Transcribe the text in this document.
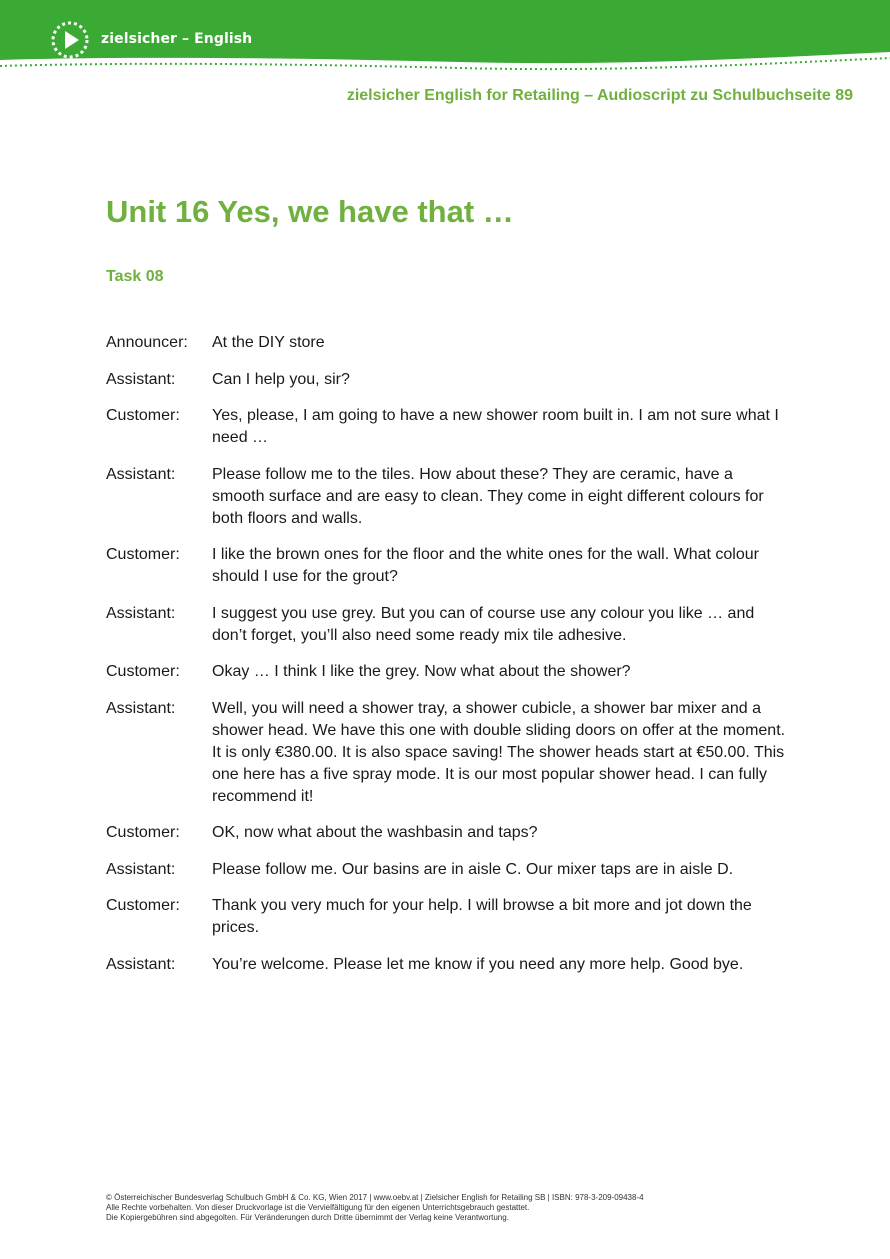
zielsicher – English
zielsicher English for Retailing – Audioscript zu Schulbuchseite 89
Unit 16 Yes, we have that …
Task 08
Announcer:	At the DIY store
Assistant:	Can I help you, sir?
Customer:	Yes, please, I am going to have a new shower room built in. I am not sure what I need …
Assistant:	Please follow me to the tiles. How about these? They are ceramic, have a smooth surface and are easy to clean. They come in eight different colours for both floors and walls.
Customer:	I like the brown ones for the floor and the white ones for the wall. What colour should I use for the grout?
Assistant:	I suggest you use grey. But you can of course use any colour you like … and don’t forget, you’ll also need some ready mix tile adhesive.
Customer:	Okay … I think I like the grey. Now what about the shower?
Assistant:	Well, you will need a shower tray, a shower cubicle, a shower bar mixer and a shower head. We have this one with double sliding doors on offer at the moment. It is only €380.00. It is also space saving! The shower heads start at €50.00. This one here has a five spray mode. It is our most popular shower head. I can fully recommend it!
Customer:	OK, now what about the washbasin and taps?
Assistant:	Please follow me. Our basins are in aisle C. Our mixer taps are in aisle D.
Customer:	Thank you very much for your help. I will browse a bit more and jot down the prices.
Assistant:	You’re welcome. Please let me know if you need any more help. Good bye.
© Österreichischer Bundesverlag Schulbuch GmbH & Co. KG, Wien 2017 | www.oebv.at | Zielsicher English for Retailing SB | ISBN: 978-3-209-09438-4
Alle Rechte vorbehalten. Von dieser Druckvorlage ist die Vervielfältigung für den eigenen Unterrichtsgebrauch gestattet.
Die Kopiergebühren sind abgegolten. Für Veränderungen durch Dritte übernimmt der Verlag keine Verantwortung.
